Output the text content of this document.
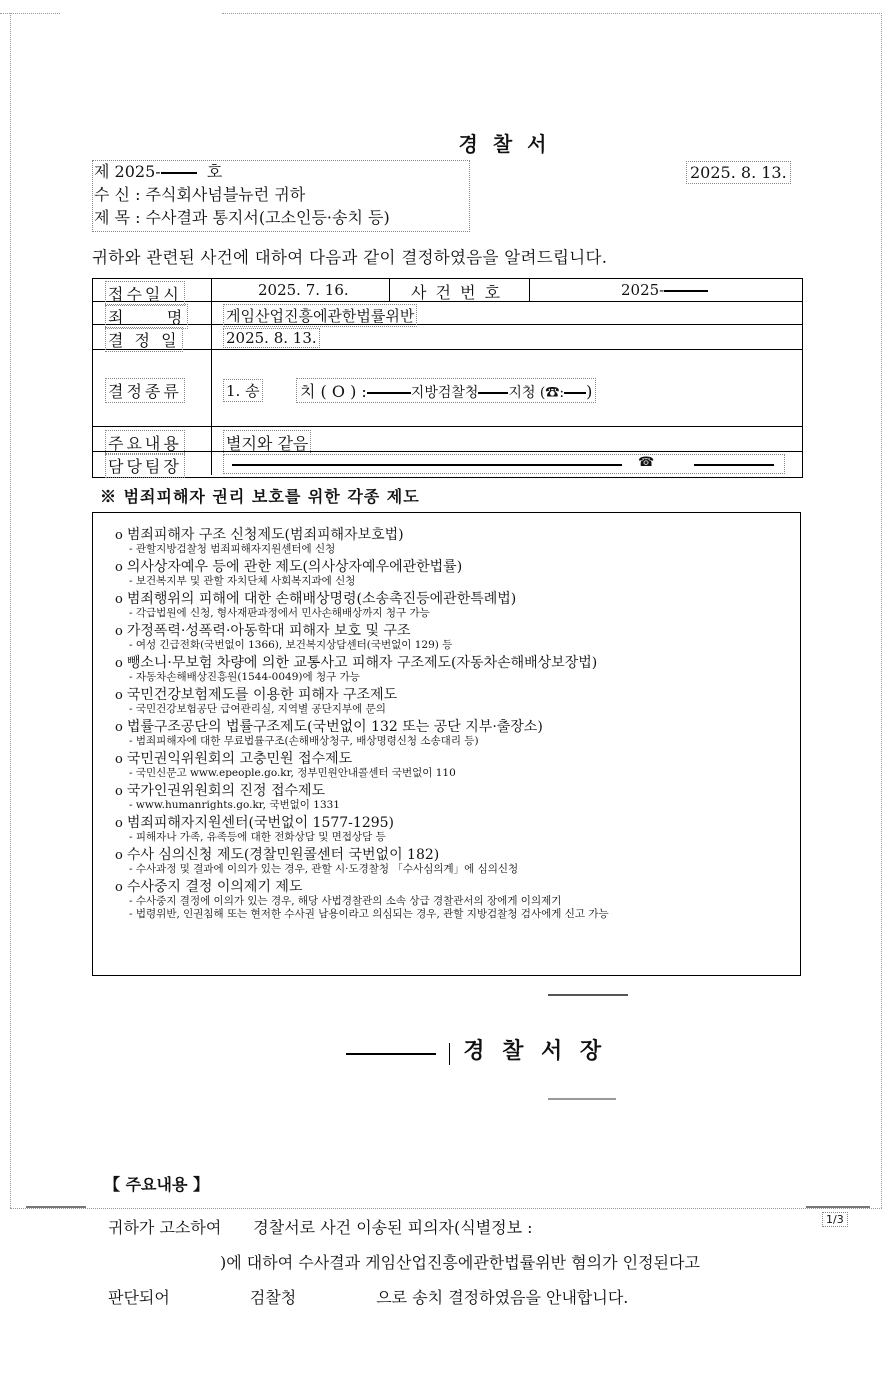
경 찰 서
제 2025-	호	2025. 8. 13.
수 신 : 주식회사넘블뉴런 귀하
제 목 : 수사결과 통지서(고소인등·송치 등)
귀하와 관련된 사건에 대하여 다음과 같이 결정하였음을 알려드립니다.
접수일시	2025. 7. 16.	사 건 번 호	2025-
죄     명	게임산업진흥에관한법률위반
결 정 일	2025. 8. 13.
결정종류	1. 송	치 ( O ) :	지방검찰청 지청 (☎: )
주요내용	별지와 같음
담당팀장	☎
※ 범죄피해자 권리 보호를 위한 각종 제도
o 범죄피해자 구조 신청제도(범죄피해자보호법)
- 관할지방검찰청 범죄피해자지원센터에 신청
o 의사상자예우 등에 관한 제도(의사상자예우에관한법률)
- 보건복지부 및 관할 자치단체 사회복지과에 신청
o 범죄행위의 피해에 대한 손해배상명령(소송촉진등에관한특례법)
- 각급법원에 신청, 형사재판과정에서 민사손해배상까지 청구 가능
o 가정폭력·성폭력·아동학대 피해자 보호 및 구조
- 여성 긴급전화(국번없이 1366), 보건복지상담센터(국번없이 129) 등
o 뺑소니·무보험 차량에 의한 교통사고 피해자 구조제도(자동차손해배상보장법)
- 자동차손해배상진흥원(1544-0049)에 청구 가능
o 국민건강보험제도를 이용한 피해자 구조제도
- 국민건강보험공단 급여관리실, 지역별 공단지부에 문의
o 법률구조공단의 법률구조제도(국번없이 132 또는 공단 지부·출장소)
- 범죄피해자에 대한 무료법률구조(손해배상청구, 배상명령신청 소송대리 등)
o 국민권익위원회의 고충민원 접수제도
- 국민신문고 www.epeople.go.kr, 정부민원안내콜센터 국번없이 110
o 국가인권위원회의 진정 접수제도
- www.humanrights.go.kr, 국번없이 1331
o 범죄피해자지원센터(국번없이 1577-1295)
- 피해자나 가족, 유족등에 대한 전화상담 및 면접상담 등
o 수사 심의신청 제도(경찰민원콜센터 국번없이 182)
- 수사과정 및 결과에 이의가 있는 경우, 관할 시·도경찰청 「수사심의계」에 심의신청
o 수사중지 결정 이의제기 제도
- 수사중지 결정에 이의가 있는 경우, 해당 사법경찰관의 소속 상급 경찰관서의 장에게 이의제기
- 법령위반, 인권침해 또는 현저한 수사권 남용이라고 의심되는 경우, 관할 지방검찰청 검사에게 신고 가능
경 찰 서 장
1/3
【 주요내용 】
귀하가 고소하여 경찰서로 사건 이송된 피의자(식별정보 :
)에 대하여 수사결과 게임산업진흥에관한법률위반 혐의가 인정된다고
판단되어	검찰청	으로 송치 결정하였음을 안내합니다.
